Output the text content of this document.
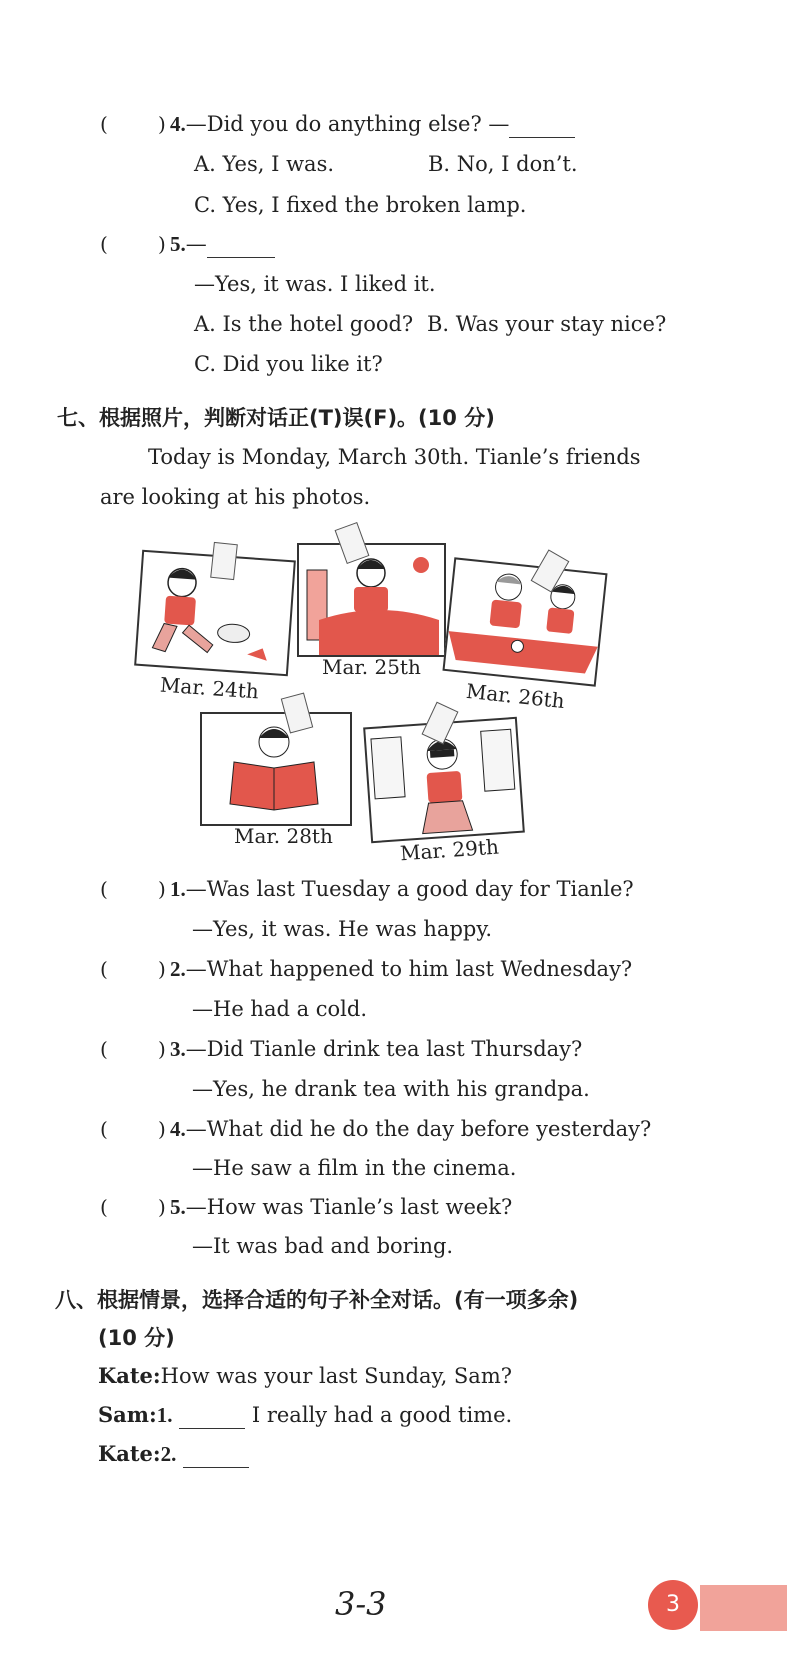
(	) 4.—Did you do anything else? —
A. Yes, I was.	B. No, I don’t.
C. Yes, I fixed the broken lamp.
(	) 5.—
—Yes, it was. I liked it.
A. Is the hotel good? B. Was your stay nice?
C. Did you like it?
七、根据照片，判断对话正(T)误(F)。(10 分)
Today is Monday, March 30th. Tianle’s friends
are looking at his photos.
Mar. 24th
Mar. 25th
Mar. 26th
Mar. 28th	Mar. 29th
(	) 1.—Was last Tuesday a good day for Tianle?
—Yes, it was. He was happy.
(	) 2.—What happened to him last Wednesday?
—He had a cold.
(	) 3.—Did Tianle drink tea last Thursday?
—Yes, he drank tea with his grandpa.
(	) 4.—What did he do the day before yesterday?
—He saw a film in the cinema.
(	) 5.—How was Tianle’s last week?
—It was bad and boring.
八、根据情景，选择合适的句子补全对话。(有一项多余)
(10 分)
Kate:How was your last Sunday, Sam?
Sam:1.	I really had a good time.
Kate:2.
3-3	3
